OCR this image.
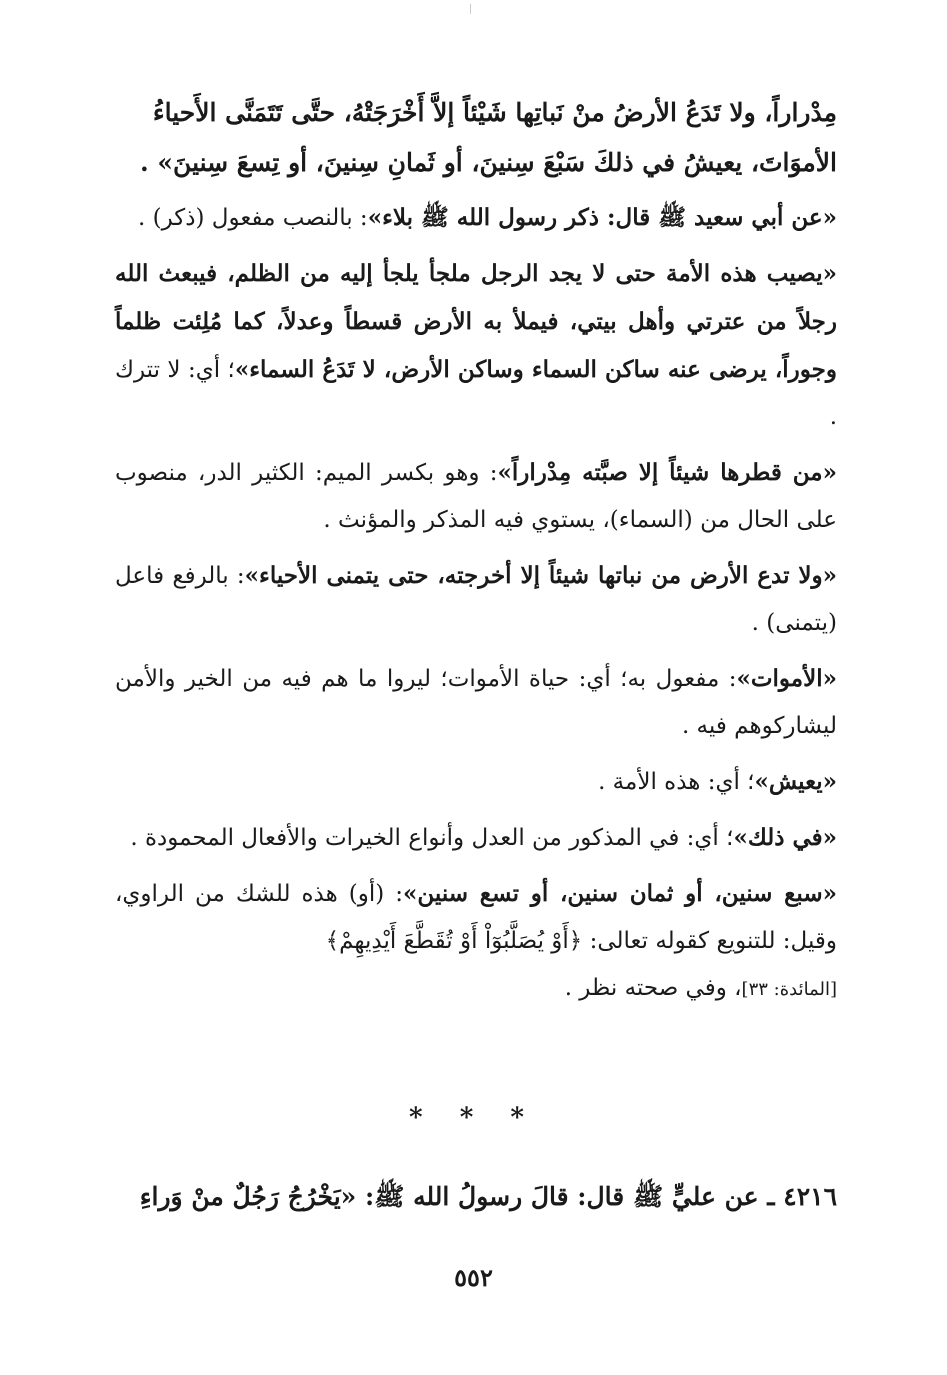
مِدْراراً، ولا تَدَعُ الأرضُ منْ نَباتِها شَيْئاً إلاَّ أَخْرَجَتْهُ، حتَّى تَتَمَنَّى الأَحياءُ

الأموَاتَ، يعيشُ في ذلكَ سَبْعَ سِنينَ، أو ثَمانِ سِنينَ، أو تِسعَ سِنينَ» .

«عن أبي سعيد ﷺ قال: ذكر رسول الله ﷺ بلاء»: بالنصب مفعول (ذكر) .

«يصيب هذه الأمة حتى لا يجد الرجل ملجأ يلجأ إليه من الظلم، فيبعث الله رجلاً من عترتي وأهل بيتي، فيملأ به الأرض قسطاً وعدلاً، كما مُلِئت ظلماً وجوراً، يرضى عنه ساكن السماء وساكن الأرض، لا تَدَعُ السماء»؛ أي: لا تترك .

«من قطرها شيئاً إلا صبَّته مِدْراراً»: وهو بكسر الميم: الكثير الدر، منصوب على الحال من (السماء)، يستوي فيه المذكر والمؤنث .

«ولا تدع الأرض من نباتها شيئاً إلا أخرجته، حتى يتمنى الأحياء»: بالرفع فاعل (يتمنى) .

«الأموات»: مفعول به؛ أي: حياة الأموات؛ ليروا ما هم فيه من الخير والأمن ليشاركوهم فيه .

«يعيش»؛ أي: هذه الأمة .

«في ذلك»؛ أي: في المذكور من العدل وأنواع الخيرات والأفعال المحمودة .

«سبع سنين، أو ثمان سنين، أو تسع سنين»: (أو) هذه للشك من الراوي، وقيل: للتنويع كقوله تعالى: ﴿أَوْ يُصَلَّبُوٓاْ أَوْ تُقَطَّعَ أَيْدِيهِمْ﴾
[المائدة: ٣٣]، وفي صحته نظر .

* * *
٤٢١٦ ـ عن عليٍّ ﷺ قال: قالَ رسولُ الله ﷺ: «يَخْرُجُ رَجُلٌ منْ وَراءِ
٥٥٢
